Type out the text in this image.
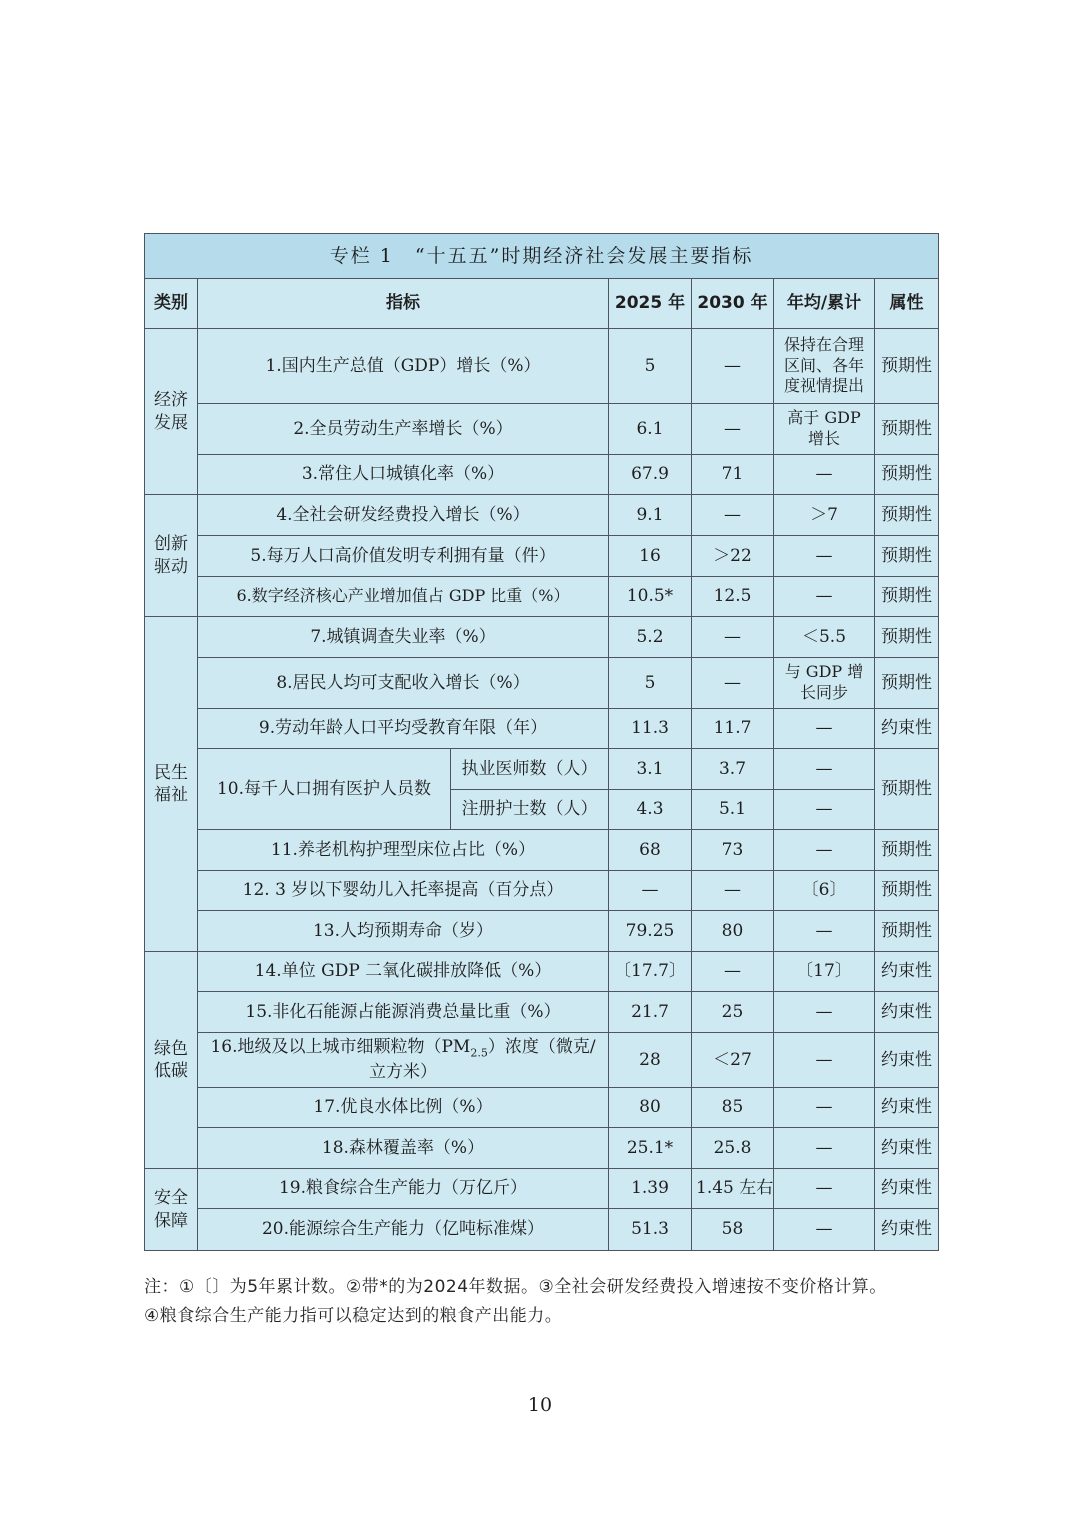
专栏 1　“十五五”时期经济社会发展主要指标						
类别	指标		2025 年	2030 年	年均/累计	属性
经济发展	1.国内生产总值（GDP）增长（%）		5	—	保持在合理区间、各年度视情提出	预期性
	2.全员劳动生产率增长（%）		6.1	—	高于 GDP 增长	预期性
	3.常住人口城镇化率（%）		67.9	71	—	预期性
创新驱动	4.全社会研发经费投入增长（%）		9.1	—	＞7	预期性
	5.每万人口高价值发明专利拥有量（件）		16	＞22	—	预期性
	6.数字经济核心产业增加值占 GDP 比重（%）		10.5*	12.5	—	预期性
民生福祉	7.城镇调查失业率（%）		5.2	—	＜5.5	预期性
	8.居民人均可支配收入增长（%）		5	—	与 GDP 增长同步	预期性
	9.劳动年龄人口平均受教育年限（年）		11.3	11.7	—	约束性
	10.每千人口拥有医护人员数	执业医师数（人）	3.1	3.7	—	预期性
		注册护士数（人）	4.3	5.1	—	
	11.养老机构护理型床位占比（%）		68	73	—	预期性
	12. 3 岁以下婴幼儿入托率提高（百分点）		—	—	〔6〕	预期性
	13.人均预期寿命（岁）		79.25	80	—	预期性
绿色低碳	14.单位 GDP 二氧化碳排放降低（%）		〔17.7〕	—	〔17〕	约束性
	15.非化石能源占能源消费总量比重（%）		21.7	25	—	约束性
	16.地级及以上城市细颗粒物$(PM_{2.5})$浓度（微克/立方米）		28	＜27	—	约束性
	17.优良水体比例（%）		80	85	—	约束性
	18.森林覆盖率（%）		25.1*	25.8	—	约束性
安全保障	19.粮食综合生产能力（万亿斤）		1.39	1.45 左右	—	约束性
	20.能源综合生产能力（亿吨标准煤）		51.3	58	—	约束性
注：①〔〕为5年累计数。②带*的为2024年数据。③全社会研发经费投入增速按不变价格计算。
④粮食综合生产能力指可以稳定达到的粮食产出能力。
10
